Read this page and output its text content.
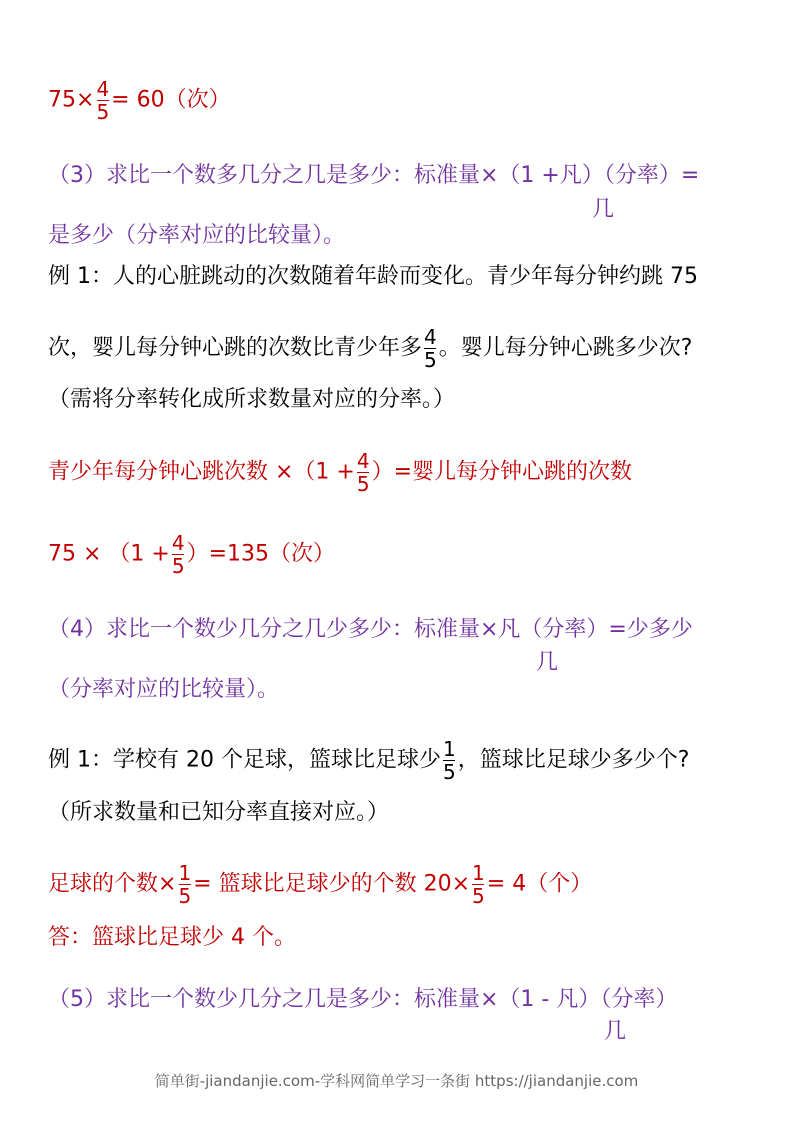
$75\times \frac{4}{5} = 60$（次）
（3）求比一个数多几分之几是多少：标准量×（1 +凡）（分率）=
几
是多少（分率对应的比较量）。
例 1：人的心脏跳动的次数随着年龄而变化。青少年每分钟约跳 75
次，婴儿每分钟心跳的次数比青少年多 $\frac{4}{5}$ 。婴儿每分钟心跳多少次?
（需将分率转化成所求数量对应的分率。）
青少年每分钟心跳次数 $\times(1 + \frac{4}{5}$ ）=婴儿每分钟心跳的次数
$75 \times (1 + \frac{4}{5} )=135$（次）
（4）求比一个数少几分之几少多少：标准量×凡（分率）=少多少
几
（分率对应的比较量）。
例 1：学校有 20 个足球，篮球比足球少 $\frac{1}{5}$ ，篮球比足球少多少个?
（所求数量和已知分率直接对应。）
足球的个数× $\frac{1}{5}$ = 篮球比足球少的个数 $20\times \frac{1}{5} = 4$（个）
答：篮球比足球少 4 个。
（5）求比一个数少几分之几是多少：标准量×（1 - 凡）（分率）
几
简单街-jiandanjie.com-学科网简单学习一条街 https://jiandanjie.com
